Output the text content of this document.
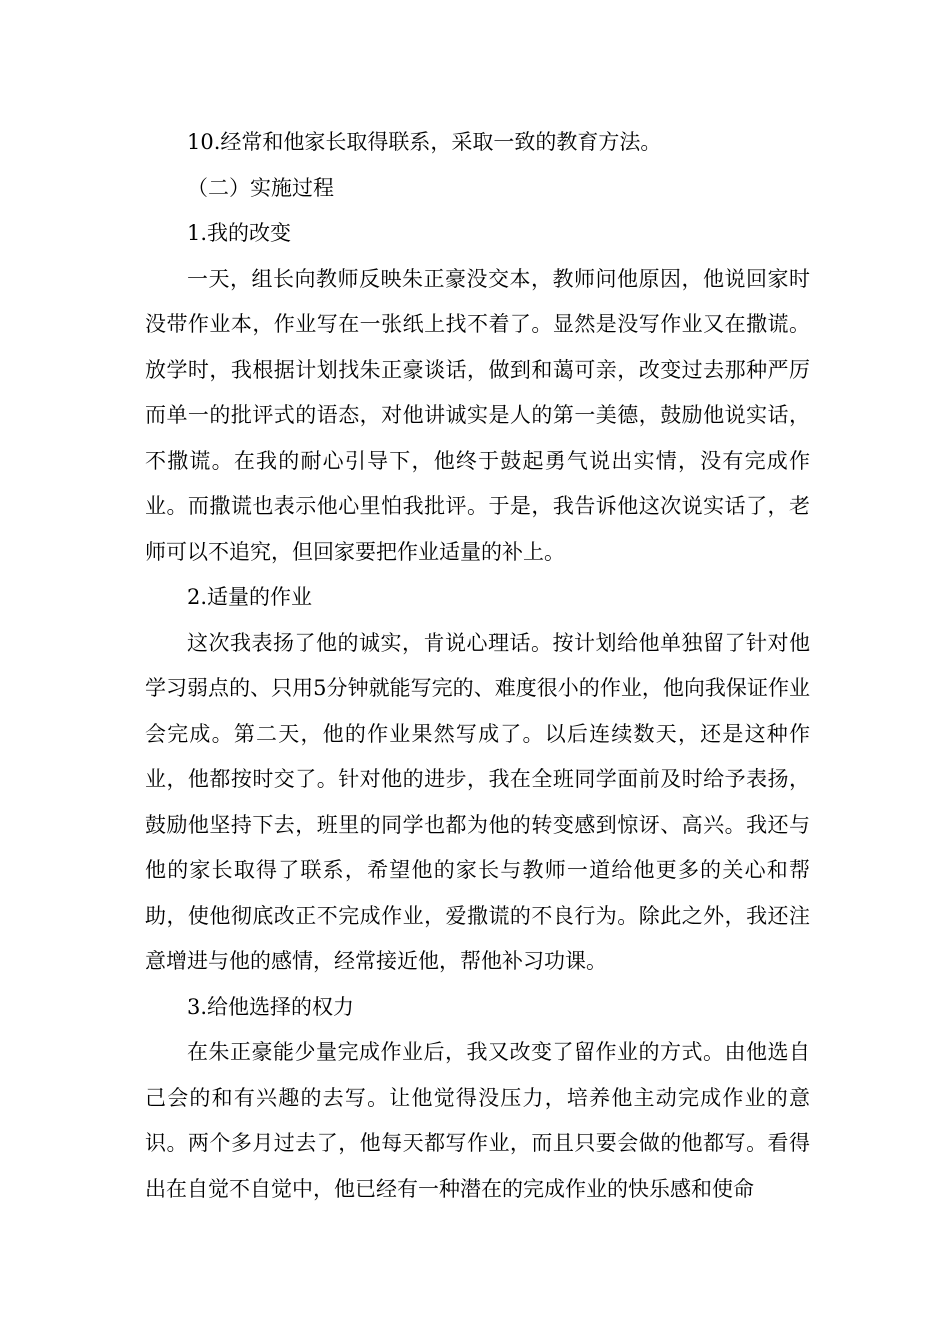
10.经常和他家长取得联系，采取一致的教育方法。

（二）实施过程

1.我的改变

一天，组长向教师反映朱正豪没交本，教师问他原因，他说回家时没带作业本，作业写在一张纸上找不着了。显然是没写作业又在撒谎。放学时，我根据计划找朱正豪谈话，做到和蔼可亲，改变过去那种严厉而单一的批评式的语态，对他讲诚实是人的第一美德，鼓励他说实话，不撒谎。在我的耐心引导下，他终于鼓起勇气说出实情，没有完成作业。而撒谎也表示他心里怕我批评。于是，我告诉他这次说实话了，老师可以不追究，但回家要把作业适量的补上。

2.适量的作业

这次我表扬了他的诚实，肯说心理话。按计划给他单独留了针对他学习弱点的、只用5分钟就能写完的、难度很小的作业，他向我保证作业会完成。第二天，他的作业果然写成了。以后连续数天，还是这种作业，他都按时交了。针对他的进步，我在全班同学面前及时给予表扬，鼓励他坚持下去，班里的同学也都为他的转变感到惊讶、高兴。我还与他的家长取得了联系，希望他的家长与教师一道给他更多的关心和帮助，使他彻底改正不完成作业，爱撒谎的不良行为。除此之外，我还注意增进与他的感情，经常接近他，帮他补习功课。

3.给他选择的权力

在朱正豪能少量完成作业后，我又改变了留作业的方式。由他选自己会的和有兴趣的去写。让他觉得没压力，培养他主动完成作业的意识。两个多月过去了，他每天都写作业，而且只要会做的他都写。看得出在自觉不自觉中，他已经有一种潜在的完成作业的快乐感和使命
